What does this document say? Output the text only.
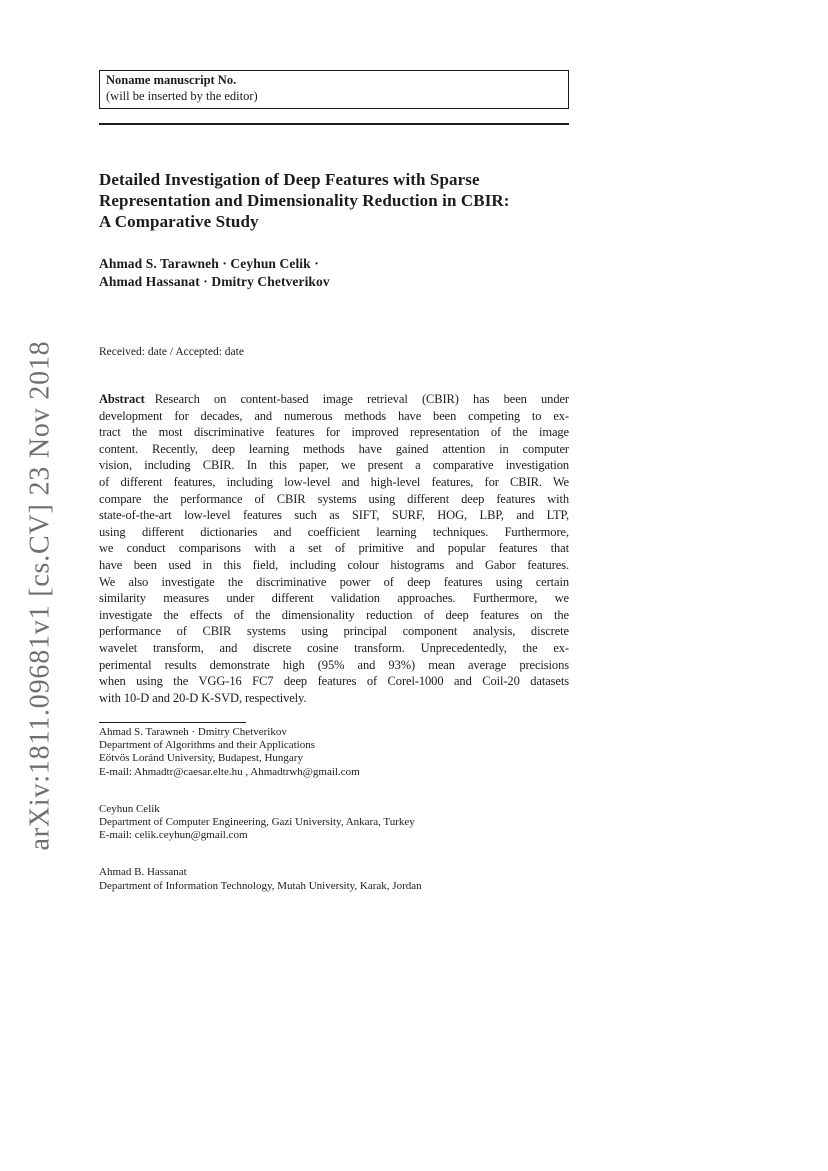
arXiv:1811.09681v1 [cs.CV] 23 Nov 2018
Noname manuscript No.
(will be inserted by the editor)
Detailed Investigation of Deep Features with Sparse
Representation and Dimensionality Reduction in CBIR:
A Comparative Study
Ahmad S. Tarawneh · Ceyhun Celik ·
Ahmad Hassanat · Dmitry Chetverikov
Received: date / Accepted: date
Abstract Research on content-based image retrieval (CBIR) has been under
development for decades, and numerous methods have been competing to ex-
tract the most discriminative features for improved representation of the image
content. Recently, deep learning methods have gained attention in computer
vision, including CBIR. In this paper, we present a comparative investigation
of different features, including low-level and high-level features, for CBIR. We
compare the performance of CBIR systems using different deep features with
state-of-the-art low-level features such as SIFT, SURF, HOG, LBP, and LTP,
using different dictionaries and coefficient learning techniques. Furthermore,
we conduct comparisons with a set of primitive and popular features that
have been used in this field, including colour histograms and Gabor features.
We also investigate the discriminative power of deep features using certain
similarity measures under different validation approaches. Furthermore, we
investigate the effects of the dimensionality reduction of deep features on the
performance of CBIR systems using principal component analysis, discrete
wavelet transform, and discrete cosine transform. Unprecedentedly, the ex-
perimental results demonstrate high (95% and 93%) mean average precisions
when using the VGG-16 FC7 deep features of Corel-1000 and Coil-20 datasets
with 10-D and 20-D K-SVD, respectively.
Ahmad S. Tarawneh · Dmitry Chetverikov
Department of Algorithms and their Applications
Eötvös Loránd University, Budapest, Hungary
E-mail: Ahmadtr@caesar.elte.hu , Ahmadtrwh@gmail.com
Ceyhun Celik
Department of Computer Engineering, Gazi University, Ankara, Turkey
E-mail: celik.ceyhun@gmail.com
Ahmad B. Hassanat
Department of Information Technology, Mutah University, Karak, Jordan
